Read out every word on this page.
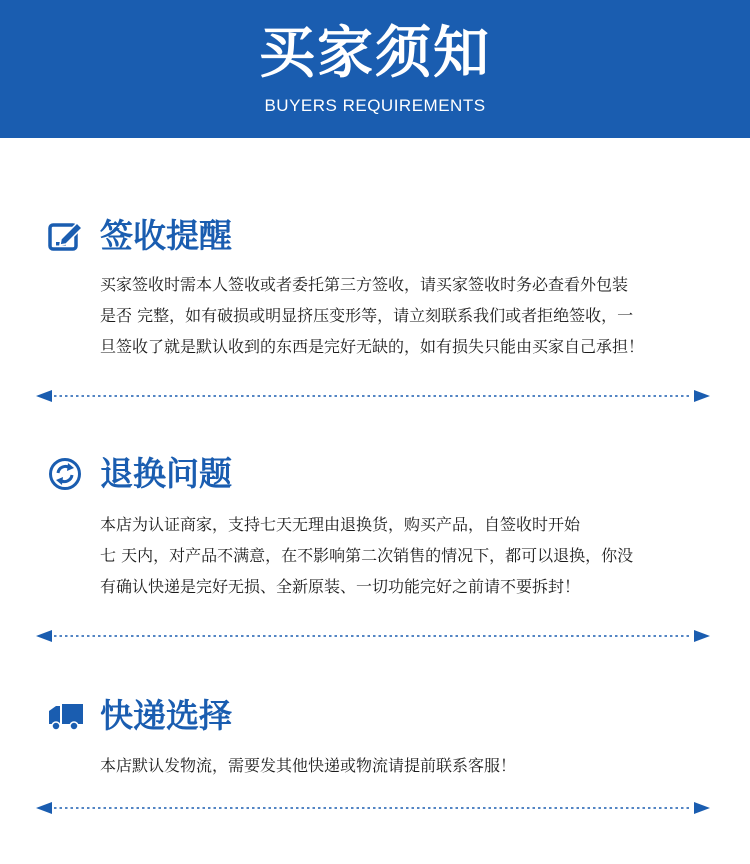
买家须知
BUYERS REQUIREMENTS
签收提醒

买家签收时需本人签收或者委托第三方签收，请买家签收时务必查看外包装

是否 完整，如有破损或明显挤压变形等，请立刻联系我们或者拒绝签收，一

旦签收了就是默认收到的东西是完好无缺的，如有损失只能由买家自己承担！

退换问题

本店为认证商家，支持七天无理由退换货，购买产品，自签收时开始

七 天内，对产品不满意，在不影响第二次销售的情况下，都可以退换，你没

有确认快递是完好无损、全新原装、一切功能完好之前请不要拆封！

快递选择

本店默认发物流，需要发其他快递或物流请提前联系客服！
